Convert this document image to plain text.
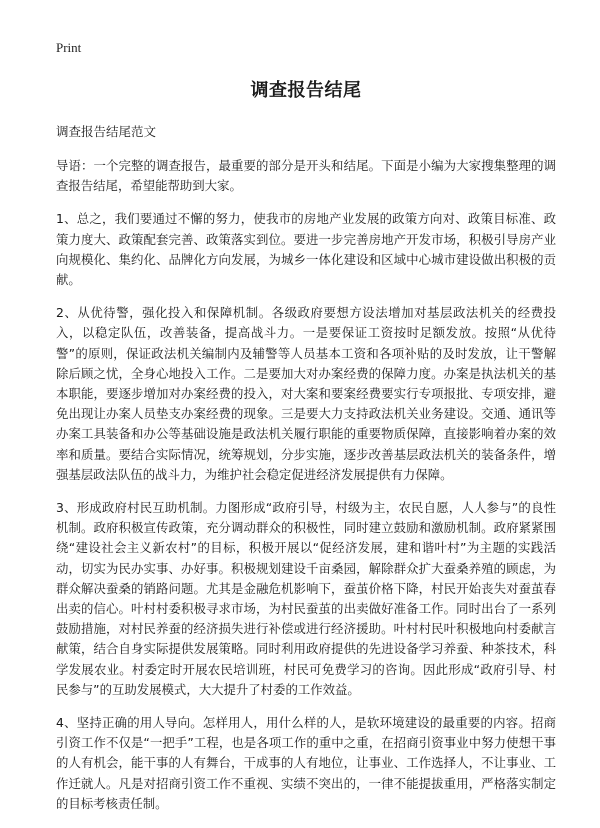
Print

调查报告结尾

调查报告结尾范文

导语：一个完整的调查报告，最重要的部分是开头和结尾。下面是小编为大家搜集整理的调查报告结尾，希望能帮助到大家。

1、总之，我们要通过不懈的努力，使我市的房地产业发展的政策方向对、政策目标准、政策力度大、政策配套完善、政策落实到位。要进一步完善房地产开发市场，积极引导房产业向规模化、集约化、品牌化方向发展，为城乡一体化建设和区域中心城市建设做出积极的贡献。

2、从优待警，强化投入和保障机制。各级政府要想方设法增加对基层政法机关的经费投入，以稳定队伍，改善装备，提高战斗力。一是要保证工资按时足额发放。按照“从优待警”的原则，保证政法机关编制内及辅警等人员基本工资和各项补贴的及时发放，让干警解除后顾之忧，全身心地投入工作。二是要加大对办案经费的保障力度。办案是执法机关的基本职能，要逐步增加对办案经费的投入，对大案和要案经费要实行专项报批、专项安排，避免出现让办案人员垫支办案经费的现象。三是要大力支持政法机关业务建设。交通、通讯等办案工具装备和办公等基础设施是政法机关履行职能的重要物质保障，直接影响着办案的效率和质量。要结合实际情况，统筹规划，分步实施，逐步改善基层政法机关的装备条件，增强基层政法队伍的战斗力，为维护社会稳定促进经济发展提供有力保障。

3、形成政府村民互助机制。力图形成“政府引导，村级为主，农民自愿，人人参与”的良性机制。政府积极宣传政策，充分调动群众的积极性，同时建立鼓励和激励机制。政府紧紧围绕“建设社会主义新农村”的目标，积极开展以“促经济发展，建和谐叶村”为主题的实践活动，切实为民办实事、办好事。积极规划建设千亩桑园，解除群众扩大蚕桑养殖的顾虑，为群众解决蚕桑的销路问题。尤其是金融危机影响下，蚕茧价格下降，村民开始丧失对蚕茧春出卖的信心。叶村村委积极寻求市场，为村民蚕茧的出卖做好准备工作。同时出台了一系列鼓励措施，对村民养蚕的经济损失进行补偿或进行经济援助。叶村村民叶积极地向村委献言献策，结合自身实际提供发展策略。同时利用政府提供的先进设备学习养蚕、种茶技术，科学发展农业。村委定时开展农民培训班，村民可免费学习的咨询。因此形成“政府引导、村民参与”的互助发展模式，大大提升了村委的工作效益。

4、坚持正确的用人导向。怎样用人，用什么样的人，是软环境建设的最重要的内容。招商引资工作不仅是“一把手”工程，也是各项工作的重中之重，在招商引资事业中努力使想干事的人有机会，能干事的人有舞台，干成事的人有地位，让事业、工作选择人，不让事业、工作迁就人。凡是对招商引资工作不重视、实绩不突出的，一律不能提拔重用，严格落实制定的目标考核责任制。
